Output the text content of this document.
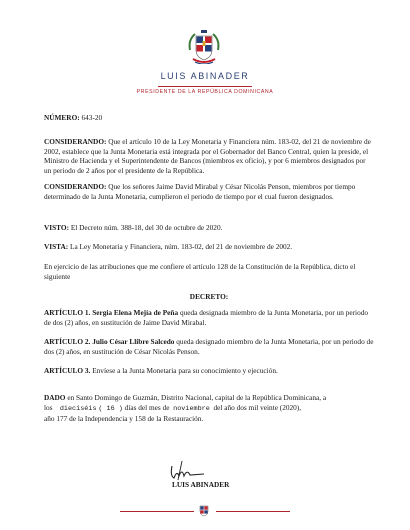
LUIS ABINADER
PRESIDENTE DE LA REPÚBLICA DOMINICANA

NÚMERO: 643-20

CONSIDERANDO: Que el artículo 10 de la Ley Monetaria y Financiera núm. 183-02, del 21 de noviembre de 2002, establece que la Junta Monetaria está integrada por el Gobernador del Banco Central, quien la preside, el Ministro de Hacienda y el Superintendente de Bancos (miembros ex oficio), y por 6 miembros designados por un periodo de 2 años por el presidente de la República.

CONSIDERANDO: Que los señores Jaime David Mirabal y César Nicolás Penson, miembros por tiempo determinado de la Junta Monetaria, cumplieron el periodo de tiempo por el cual fueron designados.

VISTO: El Decreto núm. 388-18, del 30 de octubre de 2020.

VISTA: La Ley Monetaria y Financiera, núm. 183-02, del 21 de noviembre de 2002.

En ejercicio de las atribuciones que me confiere el artículo 128 de la Constitución de la República, dicto el siguiente

DECRETO:

ARTÍCULO 1. Sergia Elena Mejía de Peña queda designada miembro de la Junta Monetaria, por un periodo de dos (2) años, en sustitución de Jaime David Mirabal.

ARTÍCULO 2. Julio César Llibre Salcedo queda designado miembro de la Junta Monetaria, por un periodo de dos (2) años, en sustitución de César Nicolás Penson.

ARTÍCULO 3. Envíese a la Junta Monetaria para su conocimiento y ejecución.

DADO en Santo Domingo de Guzmán, Distrito Nacional, capital de la República Dominicana, a
los dieciséis ( 16 ) días del mes de noviembre del año dos mil veinte (2020),
año 177 de la Independencia y 158 de la Restauración.

LUIS ABINADER
